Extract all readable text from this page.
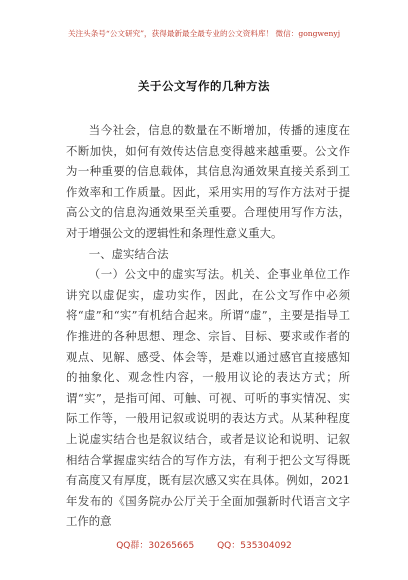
关注头条号“公文研究”，获得最新最全最专业的公文资料库！ 微信：gongwenyj
关于公文写作的几种方法

当今社会，信息的数量在不断增加，传播的速度在不断加快，如何有效传达信息变得越来越重要。公文作为一种重要的信息载体，其信息沟通效果直接关系到工作效率和工作质量。因此，采用实用的写作方法对于提高公文的信息沟通效果至关重要。合理使用写作方法，对于增强公文的逻辑性和条理性意义重大。

一、虚实结合法

（一）公文中的虚实写法。机关、企事业单位工作讲究以虚促实，虚功实作，因此，在公文写作中必须将“虚”和“实”有机结合起来。所谓“虚”，主要是指导工作推进的各种思想、理念、宗旨、目标、要求或作者的观点、见解、感受、体会等，是难以通过感官直接感知的抽象化、观念性内容，一般用议论的表达方式；所谓“实”，是指可闻、可触、可视、可听的事实情况、实际工作等，一般用记叙或说明的表达方式。从某种程度上说虚实结合也是叙议结合，或者是议论和说明、记叙相结合掌握虚实结合的写作方法，有利于把公文写得既有高度又有厚度，既有层次感又实在具体。例如，2021年发布的《国务院办公厅关于全面加强新时代语言文字工作的意

QQ群：30265665	QQ：535304092
